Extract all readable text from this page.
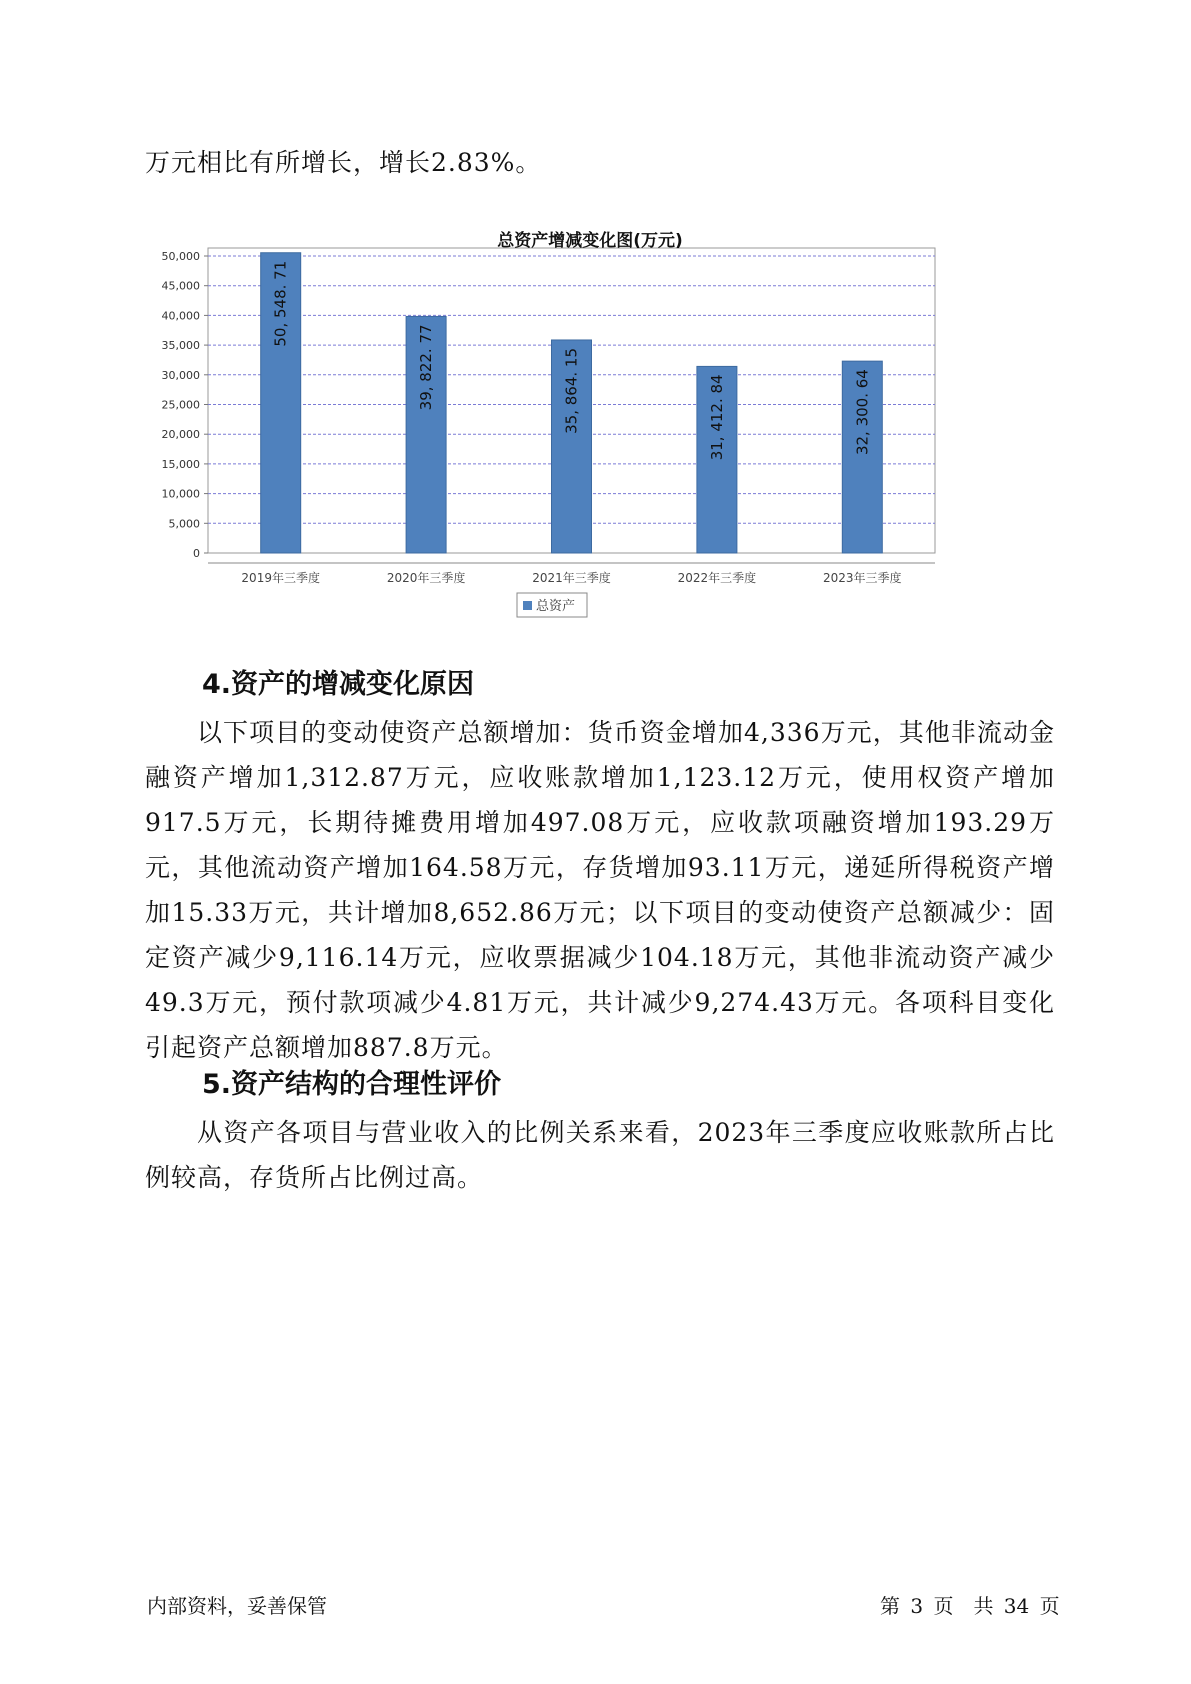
万元相比有所增长，增长2.83%。

总资产增减变化图(万元)
0
5,000
10,000
15,000
20,000
25,000
30,000
35,000
40,000
45,000
50,000
50, 548. 71
2019年三季度
39, 822. 77
2020年三季度
35, 864. 15
2021年三季度
31, 412. 84
2022年三季度
32, 300. 64
2023年三季度
总资产
4.资产的增减变化原因

以下项目的变动使资产总额增加：货币资金增加4,336万元，其他非流动金融资产增加1,312.87万元，应收账款增加1,123.12万元，使用权资产增加917.5万元，长期待摊费用增加497.08万元，应收款项融资增加193.29万元，其他流动资产增加164.58万元，存货增加93.11万元，递延所得税资产增加15.33万元，共计增加8,652.86万元；以下项目的变动使资产总额减少：固定资产减少9,116.14万元，应收票据减少104.18万元，其他非流动资产减少49.3万元，预付款项减少4.81万元，共计减少9,274.43万元。各项科目变化引起资产总额增加887.8万元。

5.资产结构的合理性评价

从资产各项目与营业收入的比例关系来看，2023年三季度应收账款所占比例较高，存货所占比例过高。

内部资料，妥善保管	第 3 页　共 34 页
